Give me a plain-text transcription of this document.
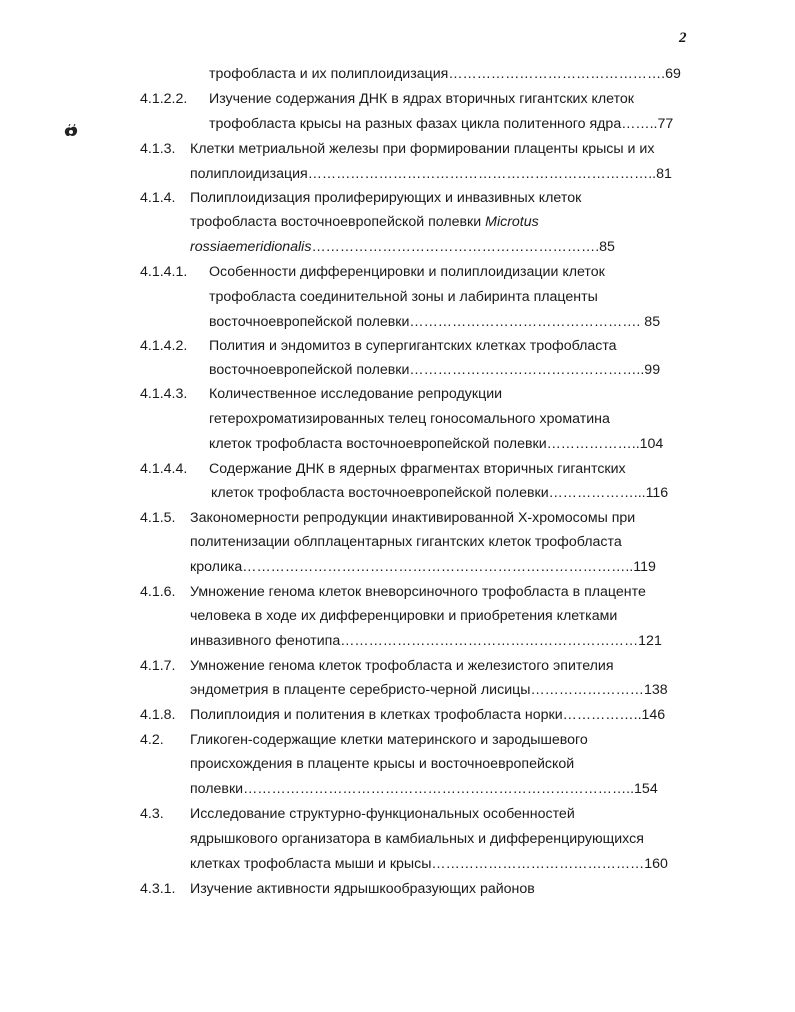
2
трофобласта и их полиплоидизация……………………………………….69
4.1.2.2. Изучение содержания ДНК в ядрах вторичных гигантских клеток
трофобласта крысы на разных фазах цикла политенного ядра……..77
4.1.3. Клетки метриальной железы при формировании плаценты крысы и их
полиплоидизация………………………………………………………………..81
4.1.4. Полиплоидизация пролиферирующих и инвазивных клеток
трофобласта восточноевропейской полевки Microtus
rossiaemeridionalis…………………………………………………….85
4.1.4.1. Особенности дифференцировки и полиплоидизации клеток
трофобласта соединительной зоны и лабиринта плаценты
восточноевропейской полевки…………………………………………. 85
4.1.4.2. Полития и эндомитоз в супергигантских клетках трофобласта
восточноевропейской полевки…………………………………………..99
4.1.4.3. Количественное исследование репродукции
гетерохроматизированных телец гоносомального хроматина
клеток трофобласта восточноевропейской полевки………………..104
4.1.4.4. Содержание ДНК в ядерных фрагментах вторичных гигантских
клеток трофобласта восточноевропейской полевки………………...116
4.1.5. Закономерности репродукции инактивированной Х-хромосомы при
политенизации облплацентарных гигантских клеток трофобласта
кролика………………………………………………………………………..119
4.1.6. Умножение генома клеток вневорсиночного трофобласта в плаценте
человека в ходе их дифференцировки и приобретения клетками
инвазивного фенотипа………………………………………………………121
4.1.7. Умножение генома клеток трофобласта и железистого эпителия
эндометрия в плаценте серебристо-черной лисицы……………………138
4.1.8. Полиплоидия и политения в клетках трофобласта норки……………..146
4.2. Гликоген-содержащие клетки материнского и зародышевого
происхождения в плаценте крысы и восточноевропейской
полевки………………………………………………………………………..154
4.3. Исследование структурно-функциональных особенностей
ядрышкового организатора в камбиальных и дифференцирующихся
клетках трофобласта мыши и крысы………………………………………160
4.3.1. Изучение активности ядрышкообразующих районов
